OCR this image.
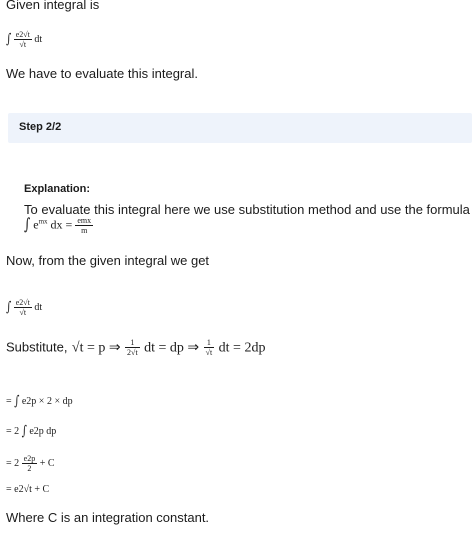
Given integral is
∫ $\frac{e2√t}{√t}$ dt
We have to evaluate this integral.
Step 2/2
Explanation:
To evaluate this integral here we use substitution method and use the formula
∫ $e^{mx}$ dx = $\frac{\text{emx}}{m}$
Now, from the given integral we get
∫ $\frac{e2√t}{√t}$ dt
Substitute, √t = p ⇒ $\frac{1}{2√t}$ dt = dp ⇒ $\frac{1}{√t}$ dt = 2dp
= ∫ e2p × 2 × dp
= 2 ∫ e2p dp
= $2 \frac{e2p}{2} + C$
= e2√t + C
Where C is an integration constant.
